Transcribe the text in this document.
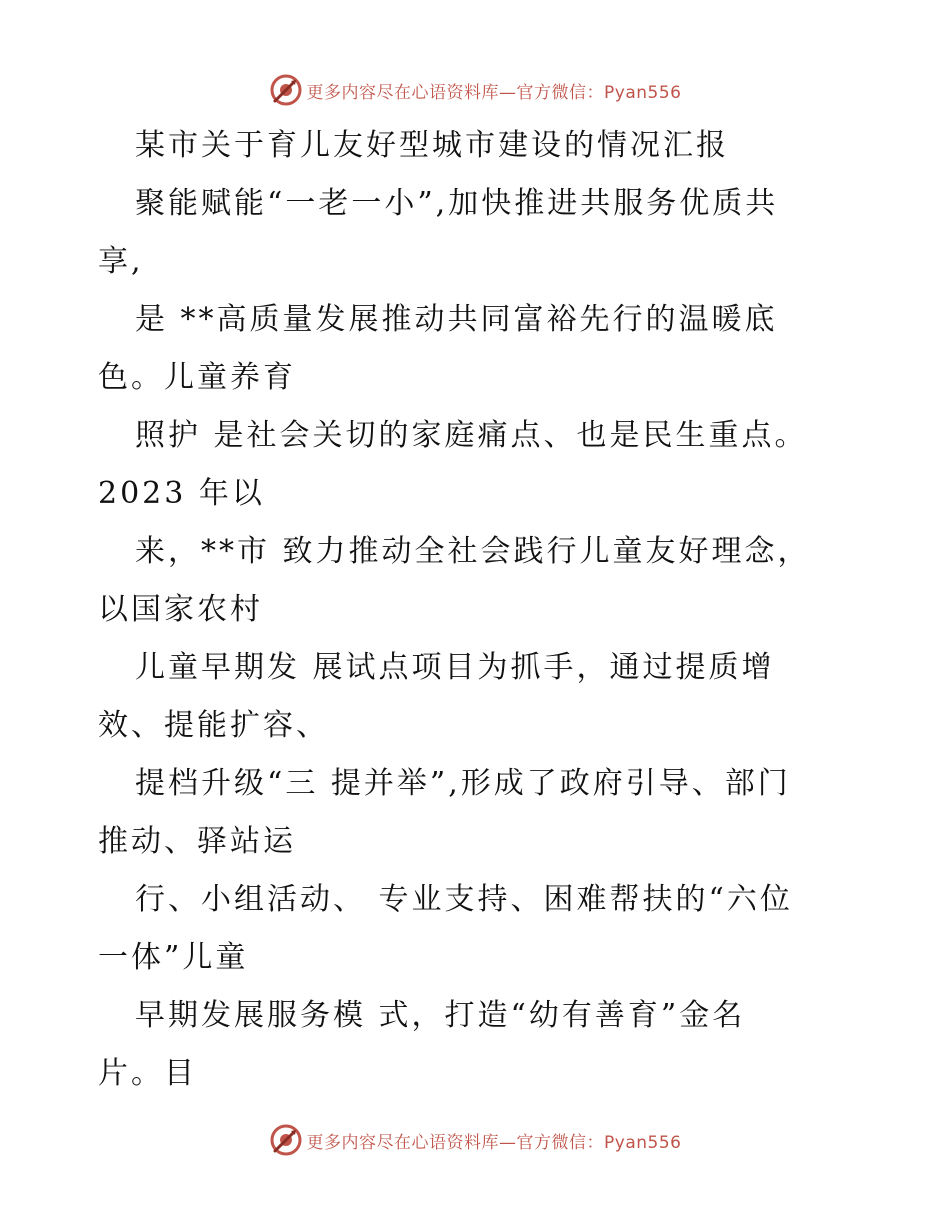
更多内容尽在心语资料库—官方微信：Pyan556
某市关于育儿友好型城市建设的情况汇报
聚能赋能“一老一小”,加快推进共服务优质共
享,
是 **高质量发展推动共同富裕先行的温暖底
色。儿童养育
照护 是社会关切的家庭痛点、也是民生重点。
2023 年以
来，**市 致力推动全社会践行儿童友好理念，
以国家农村
儿童早期发 展试点项目为抓手，通过提质增
效、提能扩容、
提档升级“三 提并举”,形成了政府引导、部门
推动、驿站运
行、小组活动、 专业支持、困难帮扶的“六位
一体”儿童
早期发展服务模 式，打造“幼有善育”金名
片。目
更多内容尽在心语资料库—官方微信：Pyan556
